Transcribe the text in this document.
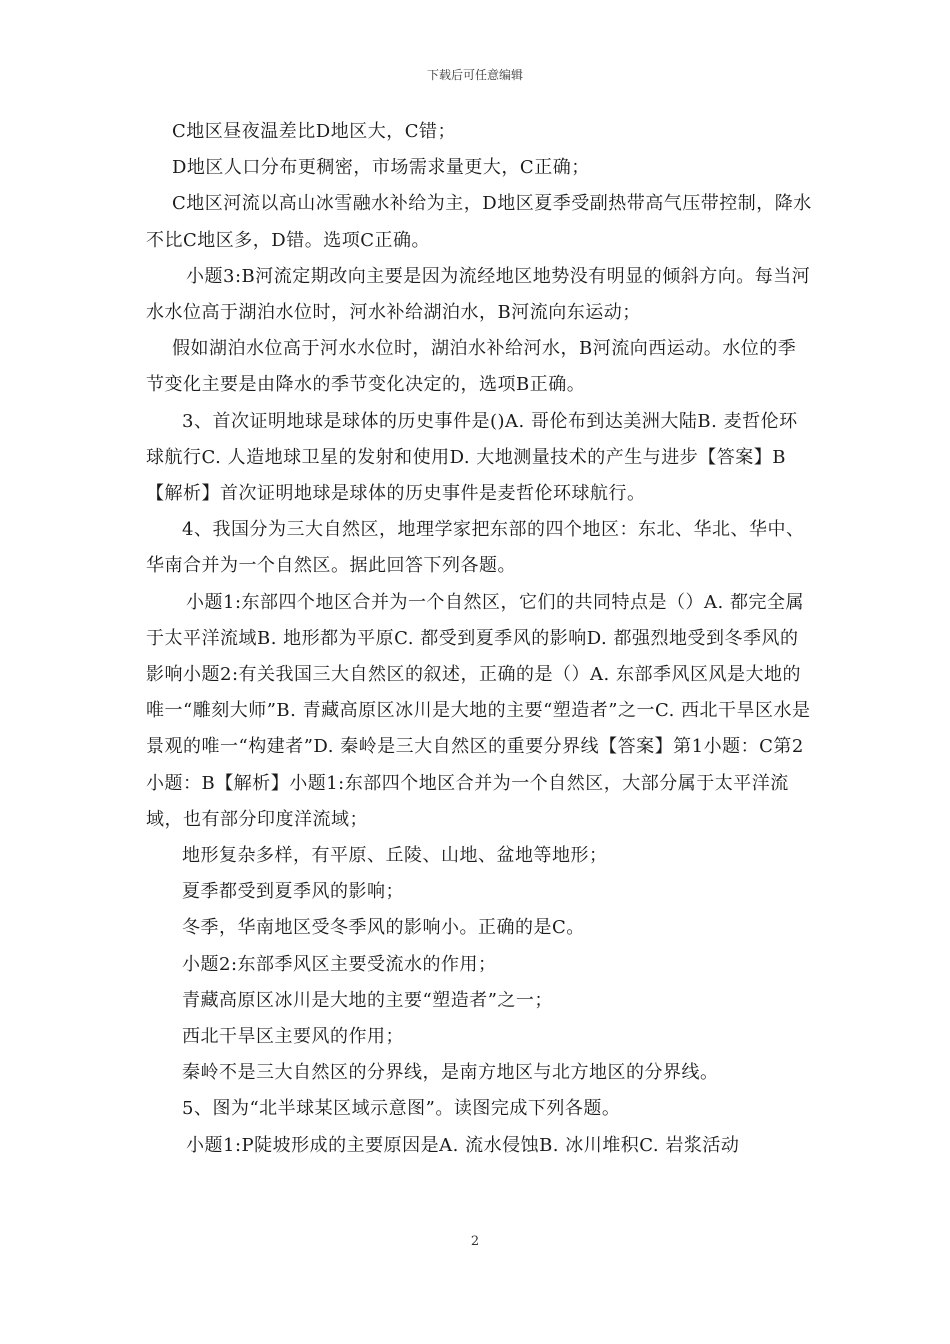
下载后可任意编辑

C地区昼夜温差比D地区大，C错；

D地区人口分布更稠密，市场需求量更大，C正确；

C地区河流以高山冰雪融水补给为主，D地区夏季受副热带高气压带控制，降水不比C地区多，D错。选项C正确。

小题3:B河流定期改向主要是因为流经地区地势没有明显的倾斜方向。每当河水水位高于湖泊水位时，河水补给湖泊水，B河流向东运动；

假如湖泊水位高于河水水位时，湖泊水补给河水，B河流向西运动。水位的季节变化主要是由降水的季节变化决定的，选项B正确。

3、首次证明地球是球体的历史事件是()A. 哥伦布到达美洲大陆B. 麦哲伦环球航行C. 人造地球卫星的发射和使用D. 大地测量技术的产生与进步【答案】B【解析】首次证明地球是球体的历史事件是麦哲伦环球航行。

4、我国分为三大自然区，地理学家把东部的四个地区：东北、华北、华中、华南合并为一个自然区。据此回答下列各题。

小题1:东部四个地区合并为一个自然区，它们的共同特点是（）A. 都完全属于太平洋流域B. 地形都为平原C. 都受到夏季风的影响D. 都强烈地受到冬季风的影响小题2:有关我国三大自然区的叙述，正确的是（）A. 东部季风区风是大地的唯一“雕刻大师”B. 青藏高原区冰川是大地的主要“塑造者”之一C. 西北干旱区水是景观的唯一“构建者”D. 秦岭是三大自然区的重要分界线【答案】第1小题：C第2小题：B【解析】小题1:东部四个地区合并为一个自然区，大部分属于太平洋流域，也有部分印度洋流域；

地形复杂多样，有平原、丘陵、山地、盆地等地形；

夏季都受到夏季风的影响；

冬季，华南地区受冬季风的影响小。正确的是C。

小题2:东部季风区主要受流水的作用；

青藏高原区冰川是大地的主要“塑造者”之一；

西北干旱区主要风的作用；

秦岭不是三大自然区的分界线，是南方地区与北方地区的分界线。

5、图为“北半球某区域示意图”。读图完成下列各题。

小题1:P陡坡形成的主要原因是A. 流水侵蚀B. 冰川堆积C. 岩浆活动

2
